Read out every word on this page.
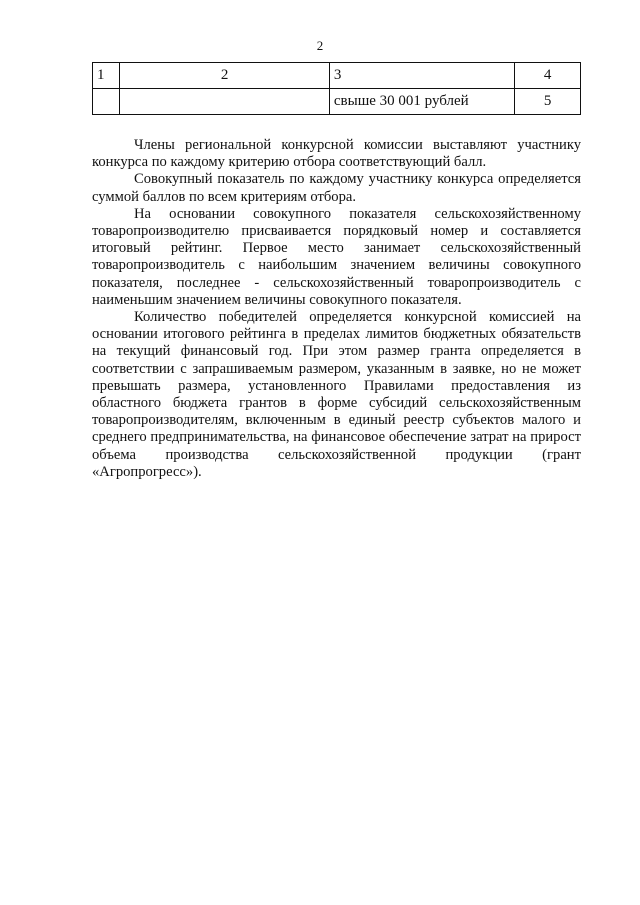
2
1	2	3	4
		свыше 30 001 рублей	5

Члены региональной конкурсной комиссии выставляют участнику конкурса по каждому критерию отбора соответствующий балл.

Совокупный показатель по каждому участнику конкурса определяется суммой баллов по всем критериям отбора.

На основании совокупного показателя сельскохозяйственному товаропроизводителю присваивается порядковый номер и составляется итоговый рейтинг. Первое место занимает сельскохозяйственный товаропроизводитель с наибольшим значением величины совокупного показателя, последнее - сельскохозяйственный товаропроизводитель с наименьшим значением величины совокупного показателя.

Количество победителей определяется конкурсной комиссией на основании итогового рейтинга в пределах лимитов бюджетных обязательств на текущий финансовый год. При этом размер гранта определяется в соответствии с запрашиваемым размером, указанным в заявке, но не может превышать размера, установленного Правилами предоставления из областного бюджета грантов в форме субсидий сельскохозяйственным товаропроизводителям, включенным в единый реестр субъектов малого и среднего предпринимательства, на финансовое обеспечение затрат на прирост объема производства сельскохозяйственной продукции (грант «Агропрогресс»).
